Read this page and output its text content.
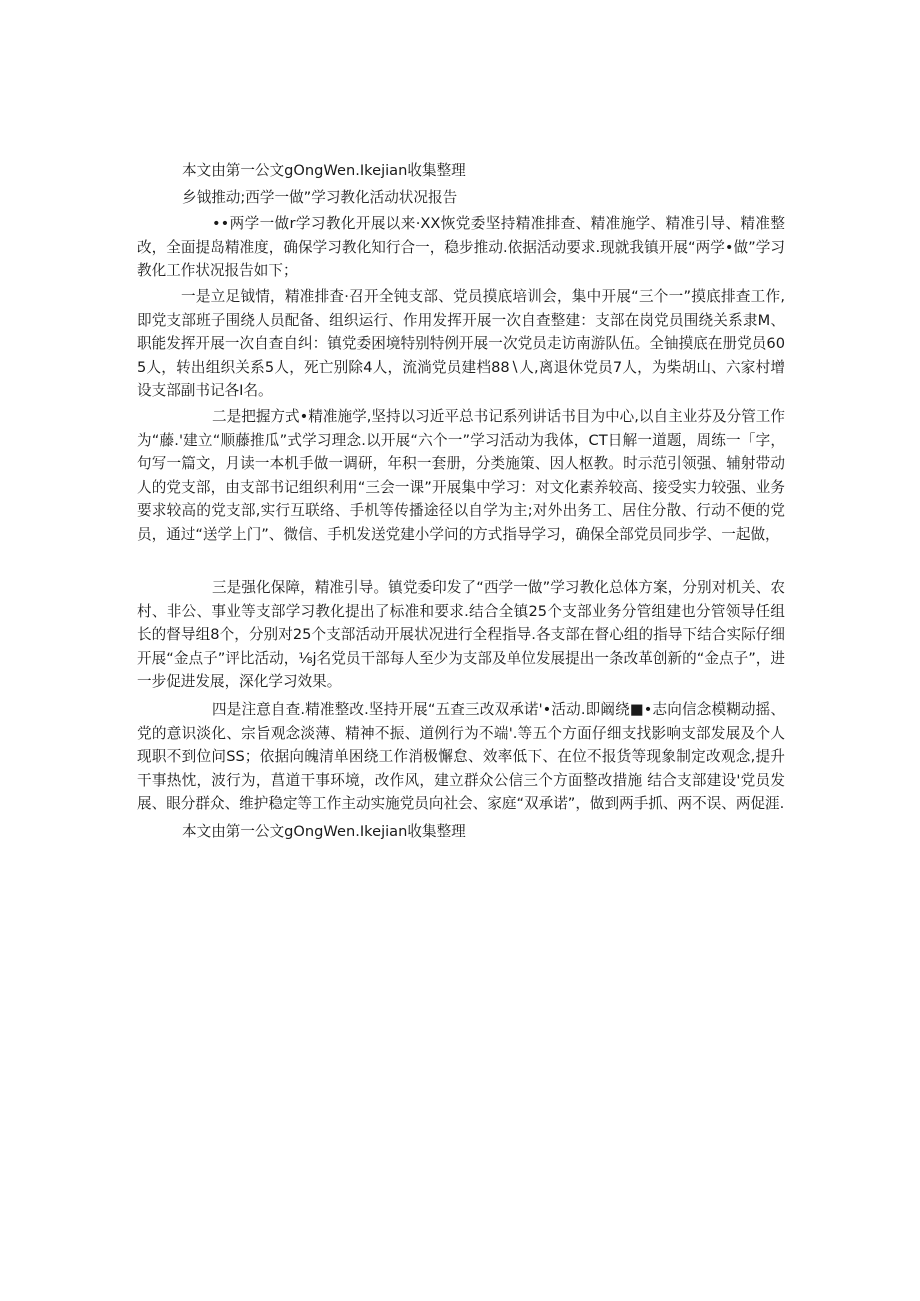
本文由第一公文gOngWen.Ikejian收集整理

乡钺推动;西学一做”学习教化活动状况报告

••两学一做r学习教化开展以来·XX恢党委坚持精准排查、精准施学、精准引导、精准整改，全面提岛精准度，确保学习教化知行合一，稳步推动.依据活动要求.现就我镇开展“两学•做”学习教化工作状况报告如下；

一是立足钺情，精准排査·召开全钝支部、党员摸底培训会，集中开展“三个一”摸底排查工作,即党支部班子围绕人员配备、组织运行、作用发挥开展一次自查整建：支部在岗党员围绕关系隶M、职能发挥开展一次自查自纠：镇党委困境特别特例开展一次党员走访南游队伍。全铀摸底在册党员605人，转出组织关系5人，死亡别除4人，流淌党员建档88∖人,离退休党员7人，为柴胡山、六家村增设支部副书记各I名。

二是把握方式•精准施学,坚持以习近平总书记系列讲话书目为中心,以自主业芬及分管工作为“藤.'建立“顺藤推瓜”式学习理念.以开展“六个一”学习活动为我体，CT日解一道题，周练一「字，句写一篇文，月读一本机手做一调研，年积一套册，分类施策、因人枢教。时示范引领强、辅射带动人的党支部，由支部书记组织利用“三会一课”开展集中学习：对文化素养较高、接受实力较强、业务要求较高的党支部,实行互联络、手机等传播途径以自学为主;对外出务工、居住分散、行动不便的党员，通过“送学上门”、微信、手机发送党建小学问的方式指导学习，确保全部党员同步学、一起做，

三是强化保障，精准引导。镇党委印发了“西学一做”学习教化总体方案，分别对机关、农村、非公、事业等支部学习教化提出了标准和要求.结合全镇25个支部业务分管组建也分管领导任组长的督导组8个，分别对25个支部活动开展状况进行全程指导.各支部在督心组的指导下结合实际仔细开展“金点子”评比活动，⅛j名党员干部每人至少为支部及单位发展提出一条改革创新的“金点子”，进一步促进发展，深化学习效果。

四是注意自查.精准整改.坚持开展“五查三改双承诺'•活动.即阚绕■•志向信念模糊动摇、党的意识淡化、宗旨观念淡薄、精神不振、道例行为不端'.等五个方面仔细支找影响支部发展及个人现职不到位问SS；依据向魄清单困绕工作消极懈怠、效率低下、在位不报货等现象制定改观念,提升干事热忱，波行为，菖道干事环境，改作风，建立群众公信三个方面整改措施 结合支部建设'党员发展、眼分群众、维护稳定等工作主动实施党员向社会、家庭“双承诺”，做到两手抓、两不误、两促涯.

本文由第一公文gOngWen.Ikejian收集整理
